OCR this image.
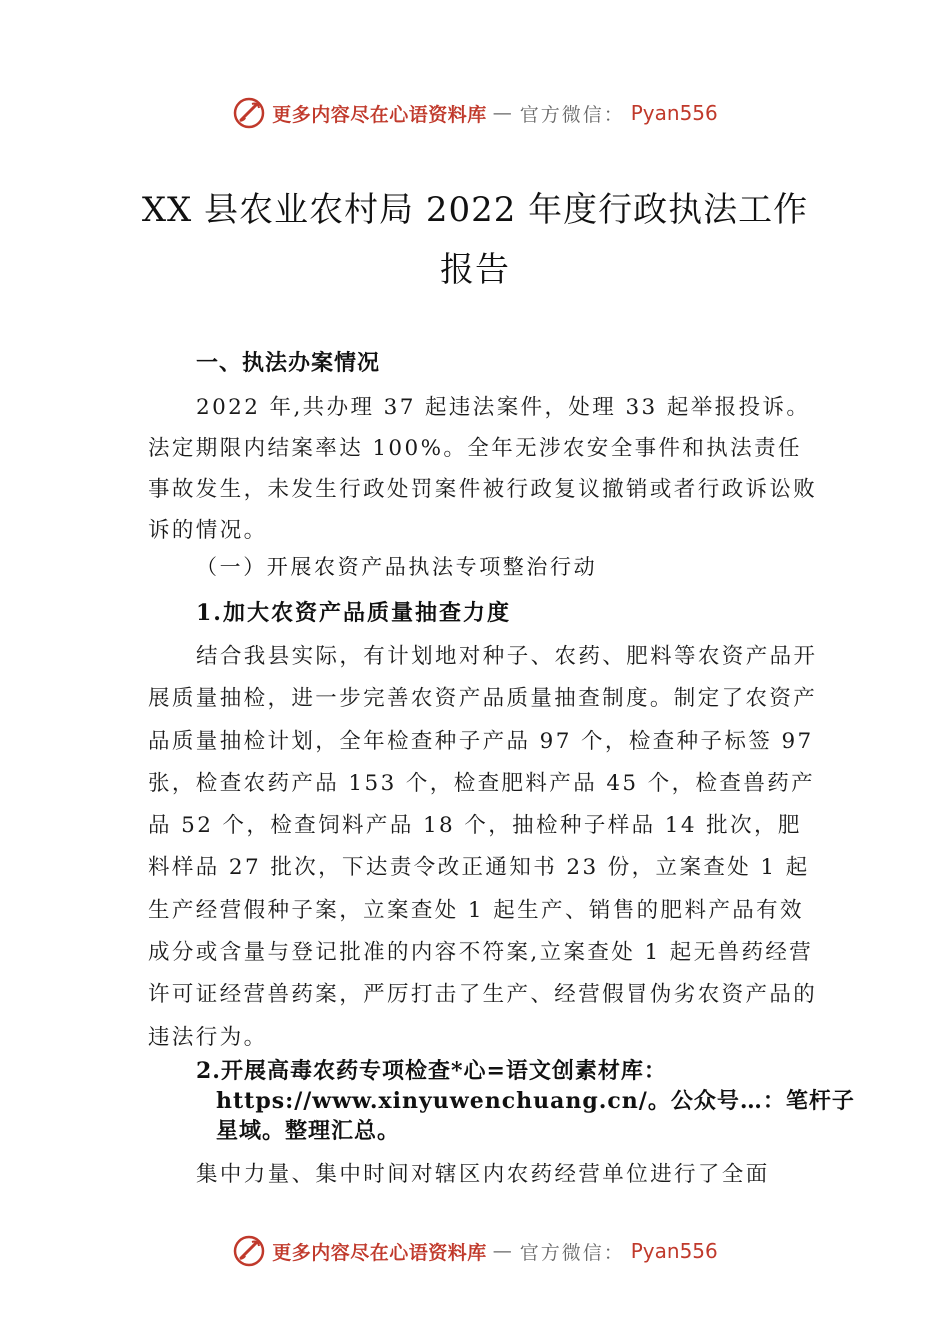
更多内容尽在心语资料库 — 官方微信： Pyan556
XX 县农业农村局 2022 年度行政执法工作
报告
一、执法办案情况
2022 年,共办理 37 起违法案件，处理 33 起举报投诉。法定期限内结案率达 100%。全年无涉农安全事件和执法责任事故发生，未发生行政处罚案件被行政复议撤销或者行政诉讼败诉的情况。
（一）开展农资产品执法专项整治行动
1.加大农资产品质量抽查力度
结合我县实际，有计划地对种子、农药、肥料等农资产品开展质量抽检，进一步完善农资产品质量抽查制度。制定了农资产品质量抽检计划，全年检查种子产品 97 个，检查种子标签 97 张，检查农药产品 153 个，检查肥料产品 45 个，检查兽药产品 52 个，检查饲料产品 18 个，抽检种子样品 14 批次，肥料样品 27 批次，下达责令改正通知书 23 份，立案查处 1 起生产经营假种子案，立案查处 1 起生产、销售的肥料产品有效成分或含量与登记批准的内容不符案,立案查处 1 起无兽药经营许可证经营兽药案，严厉打击了生产、经营假冒伪劣农资产品的违法行为。
2.开展高毒农药专项检查*心=语文创素材库：https://www.xinyuwenchuang.cn/。公众号…：笔杆子星域。整理汇总。
集中力量、集中时间对辖区内农药经营单位进行了全面
更多内容尽在心语资料库 — 官方微信： Pyan556
